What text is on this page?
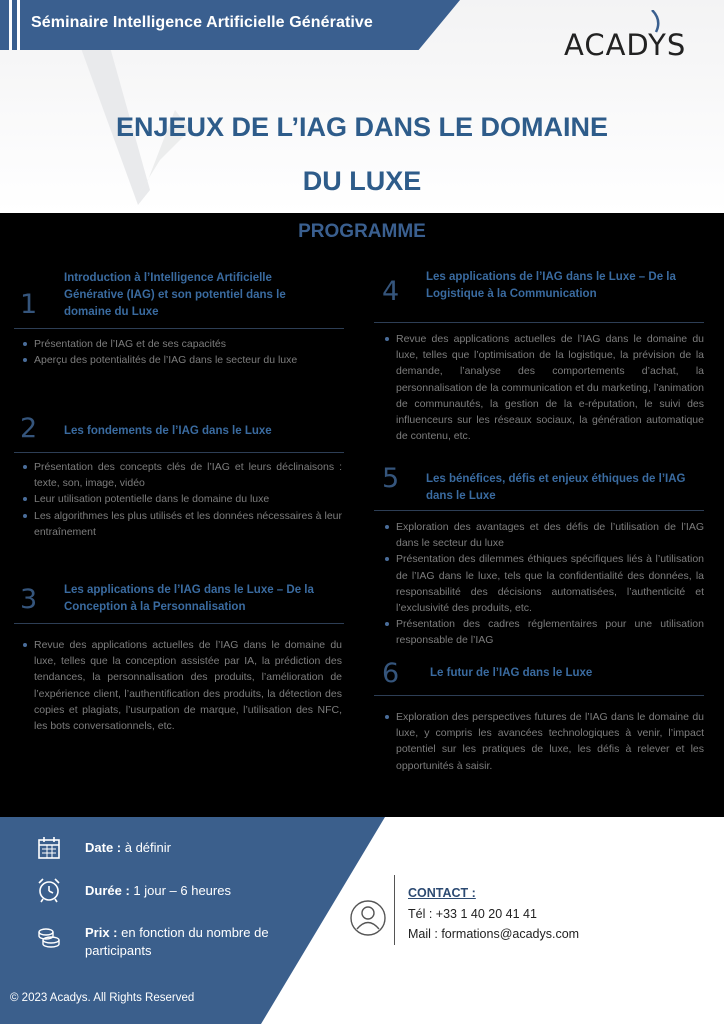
Séminaire Intelligence Artificielle Générative
ACADYS
ENJEUX DE L’IAG DANS LE DOMAINE
DU LUXE
PROGRAMME
1
Introduction à l’Intelligence Artificielle Générative (IAG) et son potentiel dans le domaine du Luxe
Présentation de l’IAG et de ses capacités
Aperçu des potentialités de l’IAG dans le secteur du luxe
2 Les fondements de l’IAG dans le Luxe
Présentation des concepts clés de l’IAG et leurs déclinaisons : texte, son, image, vidéo
Leur utilisation potentielle dans le domaine du luxe
Les algorithmes les plus utilisés et les données nécessaires à leur entraînement
3 Les applications de l’IAG dans le Luxe – De la Conception à la Personnalisation
Revue des applications actuelles de l’IAG dans le domaine du luxe, telles que la conception assistée par IA, la prédiction des tendances, la personnalisation des produits, l’amélioration de l’expérience client, l’authentification des produits, la détection des copies et plagiats, l’usurpation de marque, l’utilisation des NFC, les bots conversationnels, etc.
4 Les applications de l’IAG dans le Luxe – De la Logistique à la Communication
Revue des applications actuelles de l’IAG dans le domaine du luxe, telles que l’optimisation de la logistique, la prévision de la demande, l’analyse des comportements d’achat, la personnalisation de la communication et du marketing, l’animation de communautés, la gestion de la e-réputation, le suivi des influenceurs sur les réseaux sociaux, la génération automatique de contenu, etc.
5 Les bénéfices, défis et enjeux éthiques de l’IAG dans le Luxe
Exploration des avantages et des défis de l’utilisation de l’IAG dans le secteur du luxe
Présentation des dilemmes éthiques spécifiques liés à l’utilisation de l’IAG dans le luxe, tels que la confidentialité des données, la responsabilité des décisions automatisées, l’authenticité et l’exclusivité des produits, etc.
Présentation des cadres réglementaires pour une utilisation responsable de l’IAG
6	Le futur de l’IAG dans le Luxe
Exploration des perspectives futures de l’IAG dans le domaine du luxe, y compris les avancées technologiques à venir, l’impact potentiel sur les pratiques de luxe, les défis à relever et les opportunités à saisir.
Date : à définir
Durée : 1 jour – 6 heures
Prix : en fonction du nombre de participants
© 2023 Acadys. All Rights Reserved
CONTACT :
Tél : +33 1 40 20 41 41
Mail : formations@acadys.com
